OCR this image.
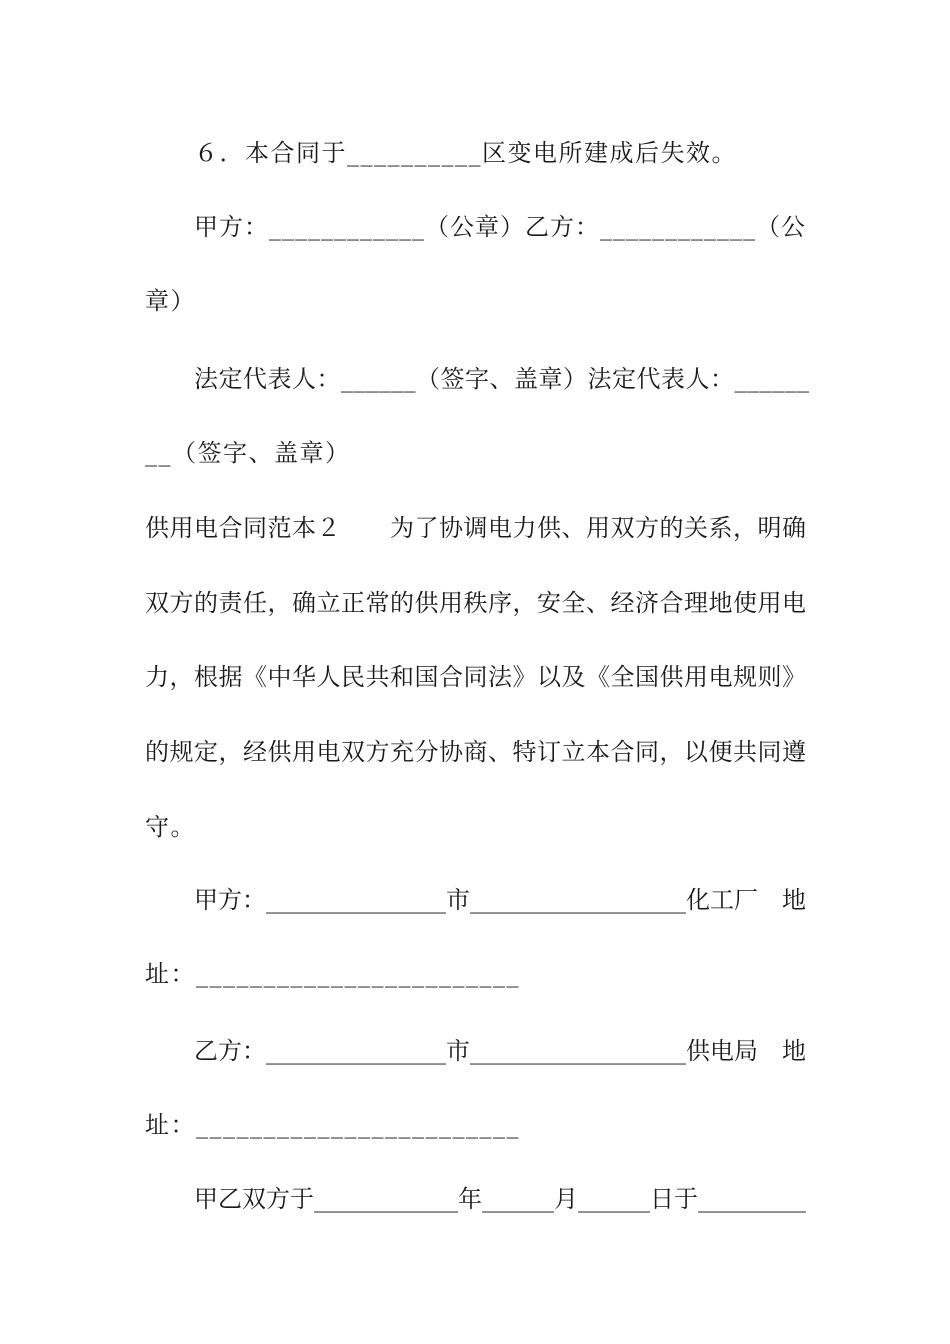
６．本合同于__________区变电所建成后失效。
甲方：____________（公章）乙方：____________（公
章）
法定代表人：______（签字、盖章）法定代表人：______
__（签字、盖章）
供用电合同范本２　　为了协调电力供、用双方的关系，明确
双方的责任，确立正常的供用秩序，安全、经济合理地使用电
力，根据《中华人民共和国合同法》以及《全国供用电规则》
的规定，经供用电双方充分协商、特订立本合同，以便共同遵
守。
甲方：_______________市__________________化工厂　地
址：________________________
乙方：_______________市__________________供电局　地
址：________________________
甲乙双方于____________年______月______日于_________
